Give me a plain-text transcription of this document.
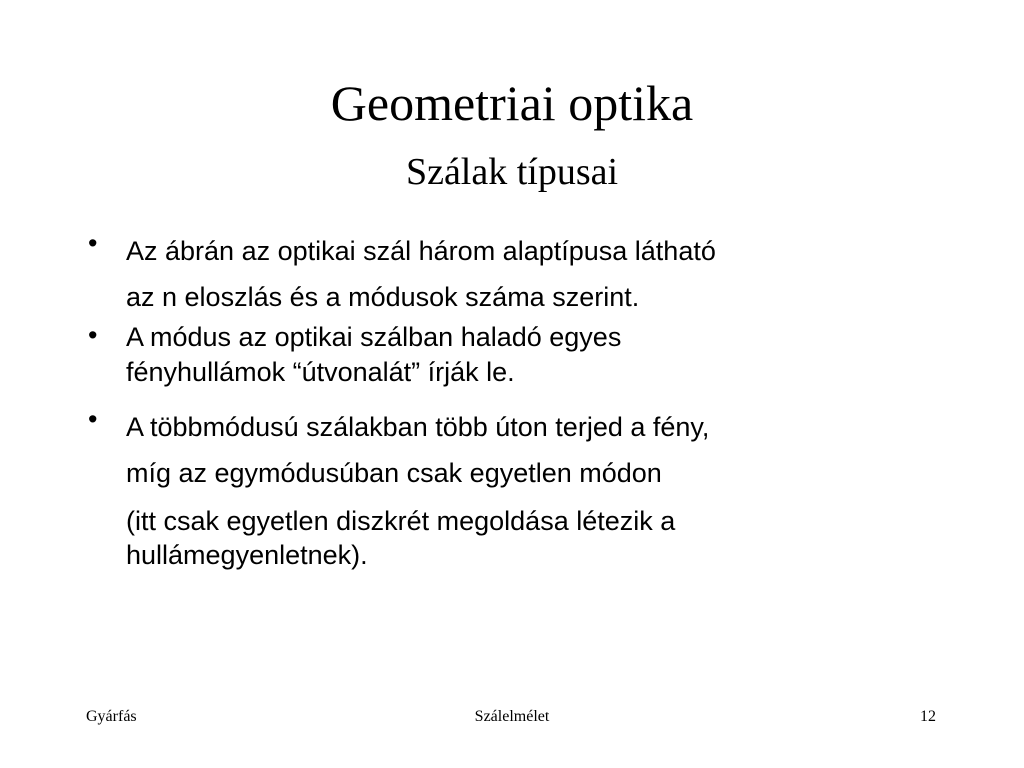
Geometriai optika
Szálak típusai
• Az ábrán az optikai szál három alaptípusa látható
az n eloszlás és a módusok száma szerint.
• A módus az optikai szálban haladó egyes
fényhullámok “útvonalát” írják le.
• A többmódusú szálakban több úton terjed a fény,
míg az egymódusúban csak egyetlen módon
(itt csak egyetlen diszkrét megoldása létezik a
hullámegyenletnek).
Gyárfás	Szálelmélet	12
